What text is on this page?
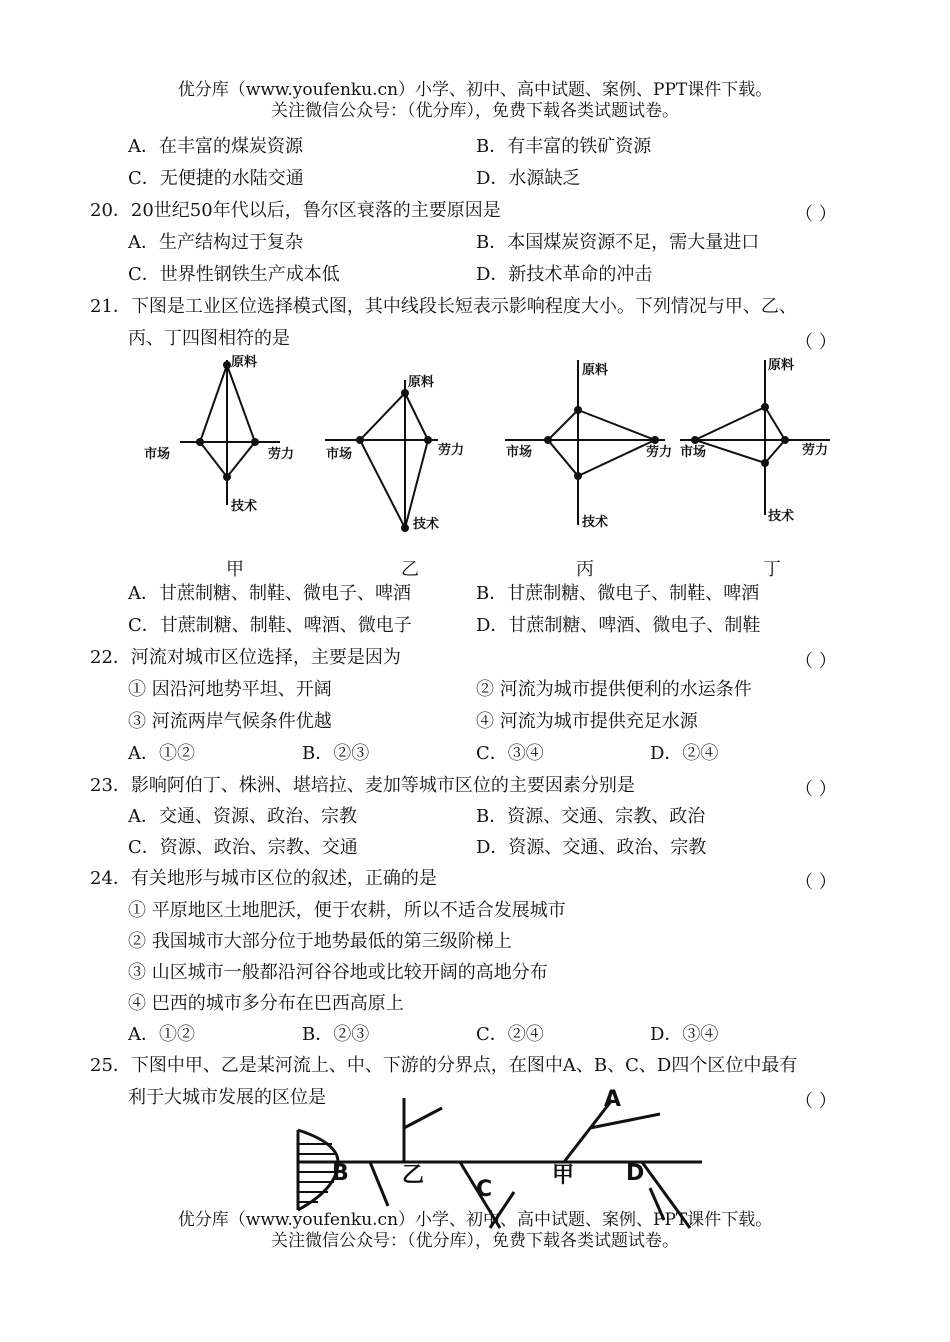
优分库（www.youfenku.cn）小学、初中、高中试题、案例、PPT课件下载。
关注微信公众号：（优分库），免费下载各类试题试卷。
A．在丰富的煤炭资源	B．有丰富的铁矿资源
C．无便捷的水陆交通	D．水源缺乏
20．20世纪50年代以后，鲁尔区衰落的主要原因是	（ ）
A．生产结构过于复杂	B．本国煤炭资源不足，需大量进口
C．世界性钢铁生产成本低	D．新技术革命的冲击
21．下图是工业区位选择模式图，其中线段长短表示影响程度大小。下列情况与甲、乙、
丙、丁四图相符的是	（ ）
原料
市场	劳力
技术
原料
市场	劳力
技术
原料
市场	劳力
技术
原料
市场	劳力
技术
甲	乙	丙	丁
A．甘蔗制糖、制鞋、微电子、啤酒	B．甘蔗制糖、微电子、制鞋、啤酒
C．甘蔗制糖、制鞋、啤酒、微电子	D．甘蔗制糖、啤酒、微电子、制鞋
22．河流对城市区位选择，主要是因为	（ ）
① 因沿河地势平坦、开阔	② 河流为城市提供便利的水运条件
③ 河流两岸气候条件优越	④ 河流为城市提供充足水源
A．①②	B．②③	C．③④	D．②④
23．影响阿伯丁、株洲、堪培拉、麦加等城市区位的主要因素分别是	（ ）
A．交通、资源、政治、宗教	B．资源、交通、宗教、政治
C．资源、政治、宗教、交通	D．资源、交通、政治、宗教
24．有关地形与城市区位的叙述，正确的是	（ ）
① 平原地区土地肥沃，便于农耕，所以不适合发展城市
② 我国城市大部分位于地势最低的第三级阶梯上
③ 山区城市一般都沿河谷谷地或比较开阔的高地分布
④ 巴西的城市多分布在巴西高原上
A．①②	B．②③	C．②④	D．③④
25．下图中甲、乙是某河流上、中、下游的分界点，在图中A、B、C、D四个区位中最有
利于大城市发展的区位是	（ ）
A
B
C
D
乙	甲
优分库（www.youfenku.cn）小学、初中、高中试题、案例、PPT课件下载。
关注微信公众号：（优分库），免费下载各类试题试卷。
